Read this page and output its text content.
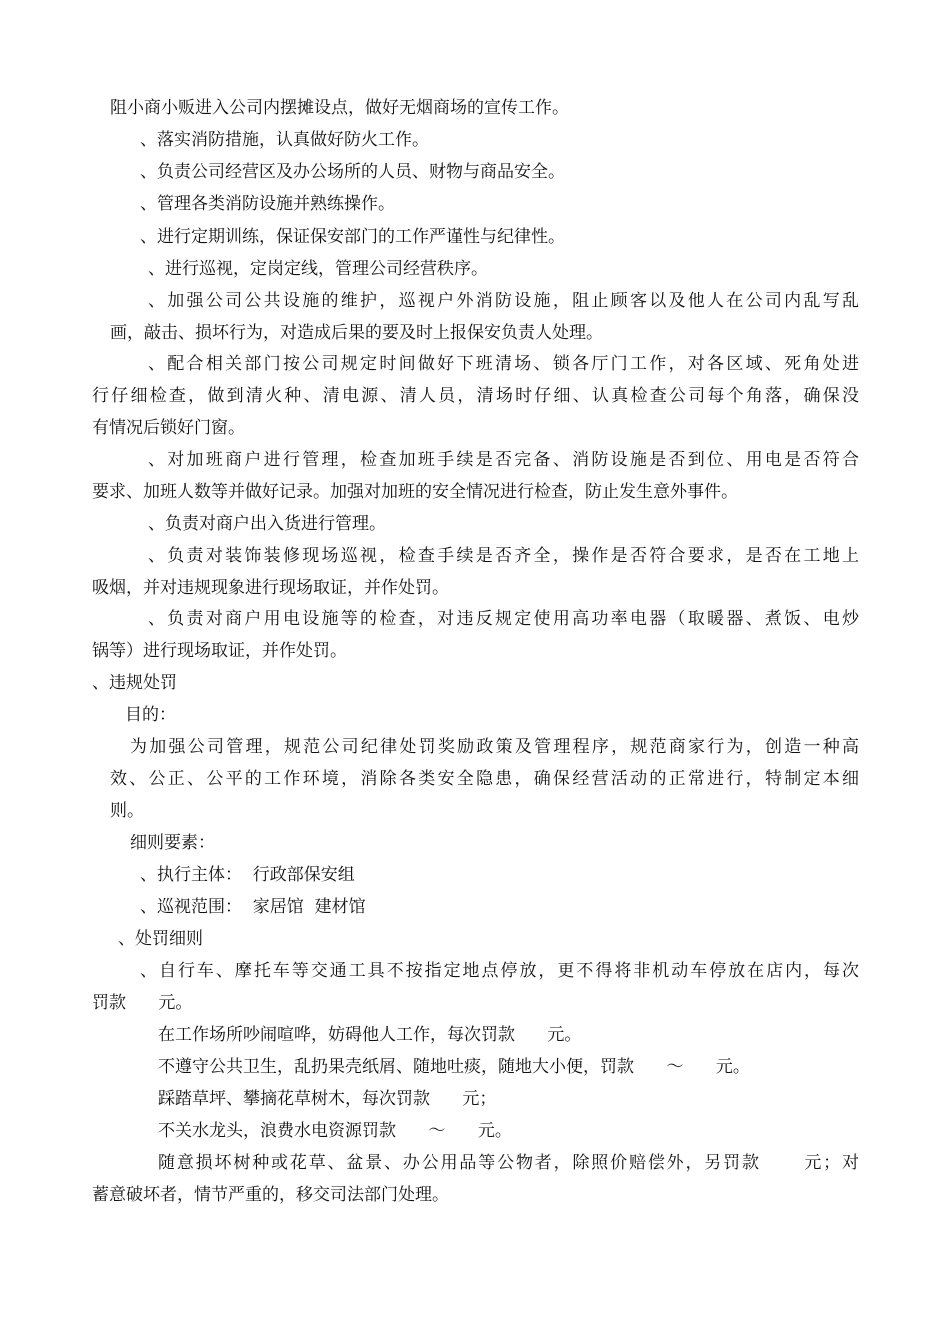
阻小商小贩进入公司内摆摊设点，做好无烟商场的宣传工作。
、落实消防措施，认真做好防火工作。
、负责公司经营区及办公场所的人员、财物与商品安全。
、管理各类消防设施并熟练操作。
、进行定期训练，保证保安部门的工作严谨性与纪律性。
、进行巡视，定岗定线，管理公司经营秩序。
、加强公司公共设施的维护，巡视户外消防设施，阻止顾客以及他人在公司内乱写乱
画，敲击、损坏行为，对造成后果的要及时上报保安负责人处理。
、配合相关部门按公司规定时间做好下班清场、锁各厅门工作，对各区域、死角处进
行仔细检查，做到清火种、清电源、清人员，清场时仔细、认真检查公司每个角落，确保没
有情况后锁好门窗。
、对加班商户进行管理，检查加班手续是否完备、消防设施是否到位、用电是否符合
要求、加班人数等并做好记录。加强对加班的安全情况进行检查，防止发生意外事件。
、负责对商户出入货进行管理。
、负责对装饰装修现场巡视，检查手续是否齐全，操作是否符合要求，是否在工地上
吸烟，并对违规现象进行现场取证，并作处罚。
、负责对商户用电设施等的检查，对违反规定使用高功率电器（取暖器、煮饭、电炒
锅等）进行现场取证，并作处罚。
、违规处罚
目的：
为加强公司管理，规范公司纪律处罚奖励政策及管理程序，规范商家行为，创造一种高
效、公正、公平的工作环境，消除各类安全隐患，确保经营活动的正常进行，特制定本细
则。
细则要素：
、执行主体：  行政部保安组
、巡视范围：  家居馆  建材馆
、处罚细则
、自行车、摩托车等交通工具不按指定地点停放，更不得将非机动车停放在店内，每次
罚款      元。
在工作场所吵闹喧哗，妨碍他人工作，每次罚款      元。
不遵守公共卫生，乱扔果壳纸屑、随地吐痰，随地大小便，罚款      ～      元。
踩踏草坪、攀摘花草树木，每次罚款      元；
不关水龙头，浪费水电资源罚款      ～      元。
随意损坏树种或花草、盆景、办公用品等公物者，除照价赔偿外，另罚款      元；对
蓄意破坏者，情节严重的，移交司法部门处理。
